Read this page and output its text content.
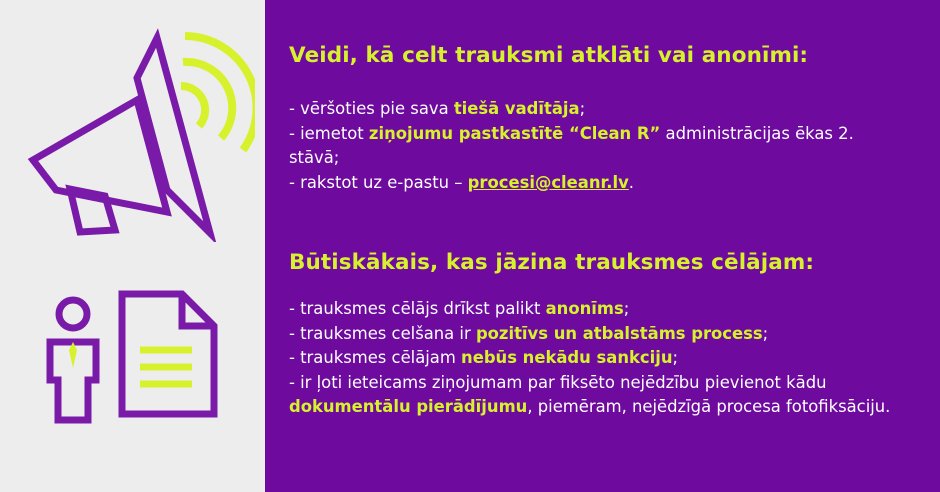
Veidi, kā celt trauksmi atklāti vai anonīmi:
- vēršoties pie sava tiešā vadītāja;
- iemetot ziņojumu pastkastītē “Clean R” administrācijas ēkas 2. stāvā;
- rakstot uz e-pastu – procesi@cleanr.lv.
Būtiskākais, kas jāzina trauksmes cēlājam:
- trauksmes cēlājs drīkst palikt anonīms;
- trauksmes celšana ir pozitīvs un atbalstāms process;
- trauksmes cēlājam nebūs nekādu sankciju;
- ir ļoti ieteicams ziņojumam par fiksēto nejēdzību pievienot kādu dokumentālu pierādījumu, piemēram, nejēdzīgā procesa fotofiksāciju.
